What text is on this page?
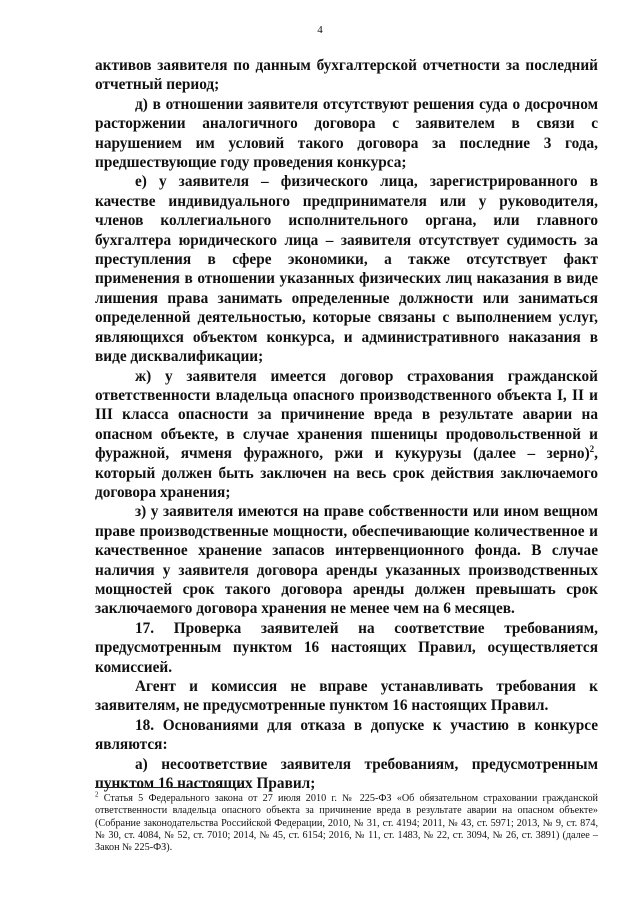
4

активов заявителя по данным бухгалтерской отчетности за последний отчетный период;

д) в отношении заявителя отсутствуют решения суда о досрочном расторжении аналогичного договора с заявителем в связи с нарушением им условий такого договора за последние 3 года, предшествующие году проведения конкурса;

е) у заявителя – физического лица, зарегистрированного в качестве индивидуального предпринимателя или у руководителя, членов коллегиального исполнительного органа, или главного бухгалтера юридического лица – заявителя отсутствует судимость за преступления в сфере экономики, а также отсутствует факт применения в отношении указанных физических лиц наказания в виде лишения права занимать определенные должности или заниматься определенной деятельностью, которые связаны с выполнением услуг, являющихся объектом конкурса, и административного наказания в виде дисквалификации;

ж) у заявителя имеется договор страхования гражданской ответственности владельца опасного производственного объекта I, II и III класса опасности за причинение вреда в результате аварии на опасном объекте, в случае хранения пшеницы продовольственной и фуражной, ячменя фуражного, ржи и кукурузы (далее – зерно)$^2$, который должен быть заключен на весь срок действия заключаемого договора хранения;

з) у заявителя имеются на праве собственности или ином вещном праве производственные мощности, обеспечивающие количественное и качественное хранение запасов интервенционного фонда. В случае наличия у заявителя договора аренды указанных производственных мощностей срок такого договора аренды должен превышать срок заключаемого договора хранения не менее чем на 6 месяцев.

17. Проверка заявителей на соответствие требованиям, предусмотренным пунктом 16 настоящих Правил, осуществляется комиссией.

Агент и комиссия не вправе устанавливать требования к заявителям, не предусмотренные пунктом 16 настоящих Правил.

18. Основаниями для отказа в допуске к участию в конкурсе являются:

а) несоответствие заявителя требованиям, предусмотренным пунктом 16 настоящих Правил;

$^2$ Статья 5 Федерального закона от 27 июля 2010 г. № 225-ФЗ «Об обязательном страховании гражданской ответственности владельца опасного объекта за причинение вреда в результате аварии на опасном объекте» (Собрание законодательства Российской Федерации, 2010, № 31, ст. 4194; 2011, № 43, ст. 5971; 2013, № 9, ст. 874, № 30, ст. 4084, № 52, ст. 7010; 2014, № 45, ст. 6154; 2016, № 11, ст. 1483, № 22, ст. 3094, № 26, ст. 3891) (далее – Закон № 225-ФЗ).
